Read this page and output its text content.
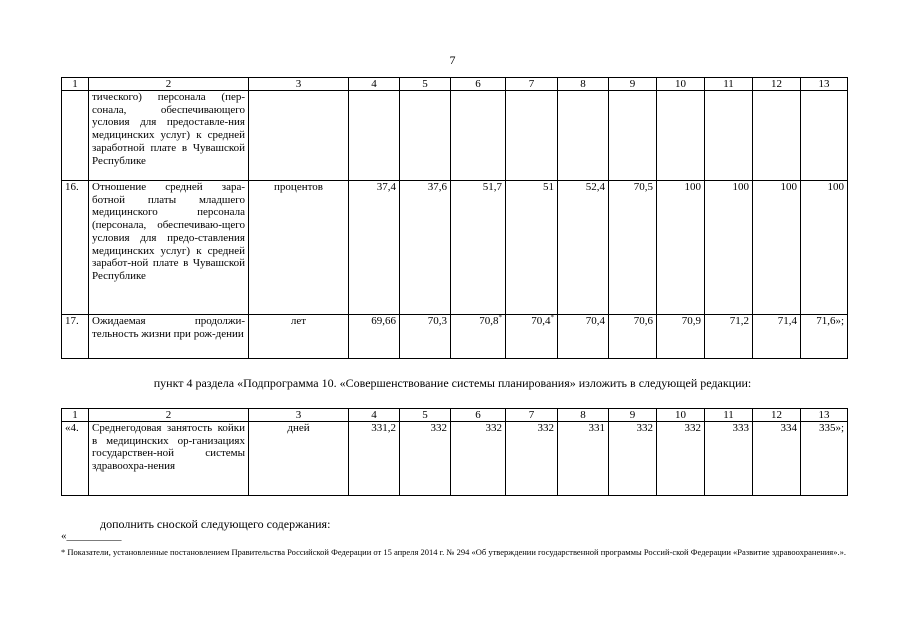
7
1	2	3	4	5	6	7	8	9	10	11	12	13
	тического) персонала (пер-сонала, обеспечивающего условия для предоставле-ния медицинских услуг) к средней заработной плате в Чувашской Республике											
16.	Отношение средней зара-ботной платы младшего медицинского персонала (персонала, обеспечиваю-щего условия для предо-ставления медицинских услуг) к средней заработ-ной плате в Чувашской Республике	процентов	37,4	37,6	51,7	51	52,4	70,5	100	100	100	100
17.	Ожидаемая продолжи-тельность жизни при рож-дении	лет	69,66	70,3	70,8*	70,4*	70,4	70,6	70,9	71,2	71,4	71,6»;
пункт 4 раздела «Подпрограмма 10. «Совершенствование системы планирования» изложить в следующей редакции:
1	2	3	4	5	6	7	8	9	10	11	12	13
«4.	Среднегодовая занятость койки в медицинских ор-ганизациях государствен-ной системы здравоохра-нения	дней	331,2	332	332	332	331	332	332	333	334	335»;
дополнить сноской следующего содержания:
«__________
* Показатели, установленные постановлением Правительства Российской Федерации от 15 апреля 2014 г. № 294 «Об утверждении государственной программы Россий-ской Федерации «Развитие здравоохранения».».
